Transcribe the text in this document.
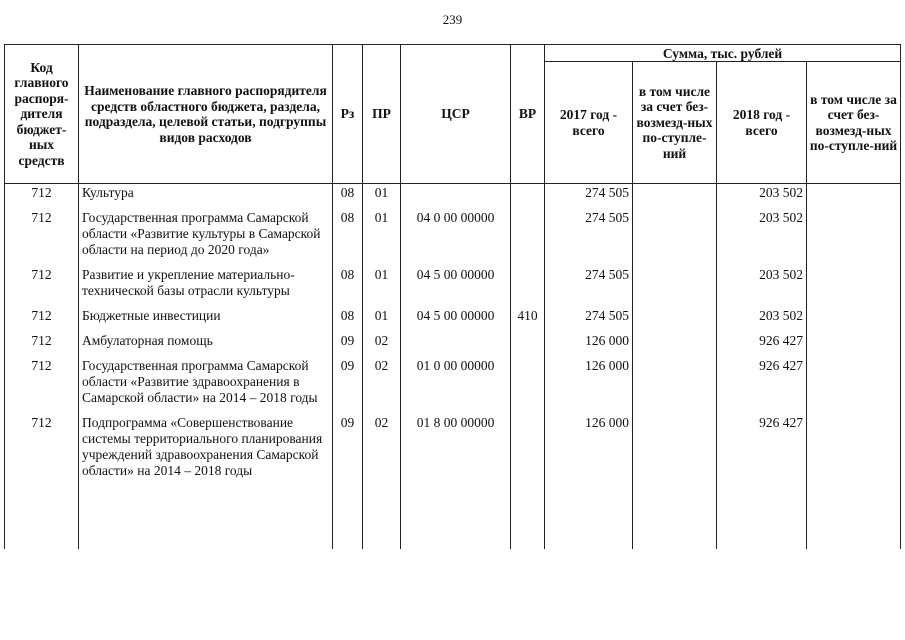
239
Код главного распоря-дителя бюджет-ных средств	Наименование главного распорядителя средств областного бюджета, раздела, подраздела, целевой статьи, подгруппы видов расходов	Рз	ПР	ЦСР	ВР	Сумма, тыс. рублей			
						2017 год - всего	в том числе за счет без-возмезд-ных по-ступле-ний	2018 год - всего	в том числе за счет без-возмезд-ных по-ступле-ний
712	Культура	08	01			274 505		203 502	
712	Государственная программа Самарской области «Развитие культуры в Самарской области на период до 2020 года»	08	01	04 0 00 00000		274 505		203 502	
712	Развитие и укрепление материально-технической базы отрасли культуры	08	01	04 5 00 00000		274 505		203 502	
712	Бюджетные инвестиции	08	01	04 5 00 00000	410	274 505		203 502	
712	Амбулаторная помощь	09	02			126 000		926 427	
712	Государственная программа Самарской области «Развитие здравоохранения в Самарской области» на 2014 – 2018 годы	09	02	01 0 00 00000		126 000		926 427	
712	Подпрограмма «Совершенствование системы территориального планирования учреждений здравоохранения Самарской области» на 2014 – 2018 годы	09	02	01 8 00 00000		126 000		926 427	
